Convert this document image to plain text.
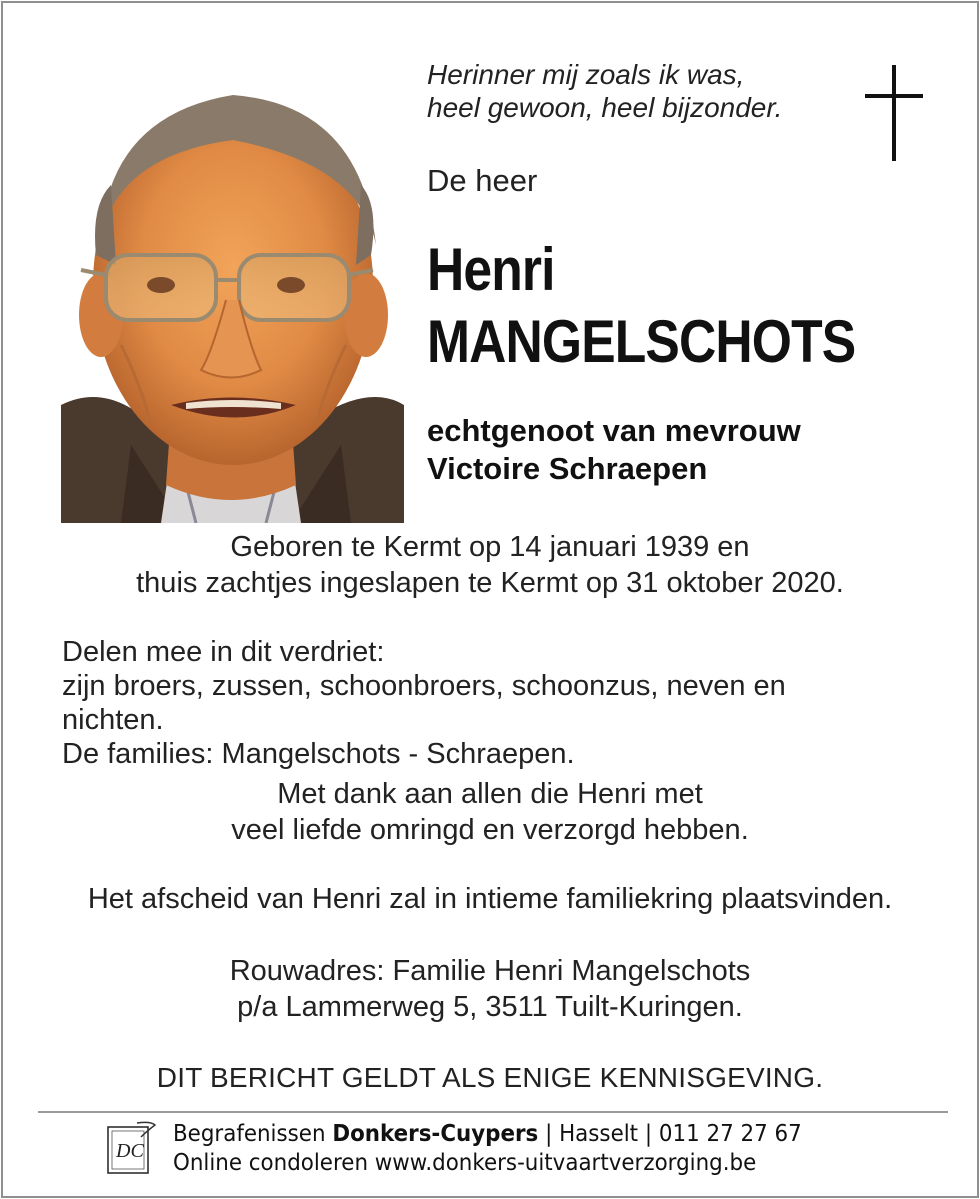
Herinner mij zoals ik was,
heel gewoon, heel bijzonder.
De heer
Henri
MANGELSCHOTS
echtgenoot van mevrouw
Victoire Schraepen
Geboren te Kermt op 14 januari 1939 en
thuis zachtjes ingeslapen te Kermt op 31 oktober 2020.
Delen mee in dit verdriet:
zijn broers, zussen, schoonbroers, schoonzus, neven en
nichten.
De families: Mangelschots - Schraepen.
Met dank aan allen die Henri met
veel liefde omringd en verzorgd hebben.
Het afscheid van Henri zal in intieme familiekring plaatsvinden.
Rouwadres: Familie Henri Mangelschots
p/a Lammerweg 5, 3511 Tuilt-Kuringen.
DIT BERICHT GELDT ALS ENIGE KENNISGEVING.
DC
Begrafenissen Donkers-Cuypers | Hasselt | 011 27 27 67
Online condoleren www.donkers-uitvaartverzorging.be
